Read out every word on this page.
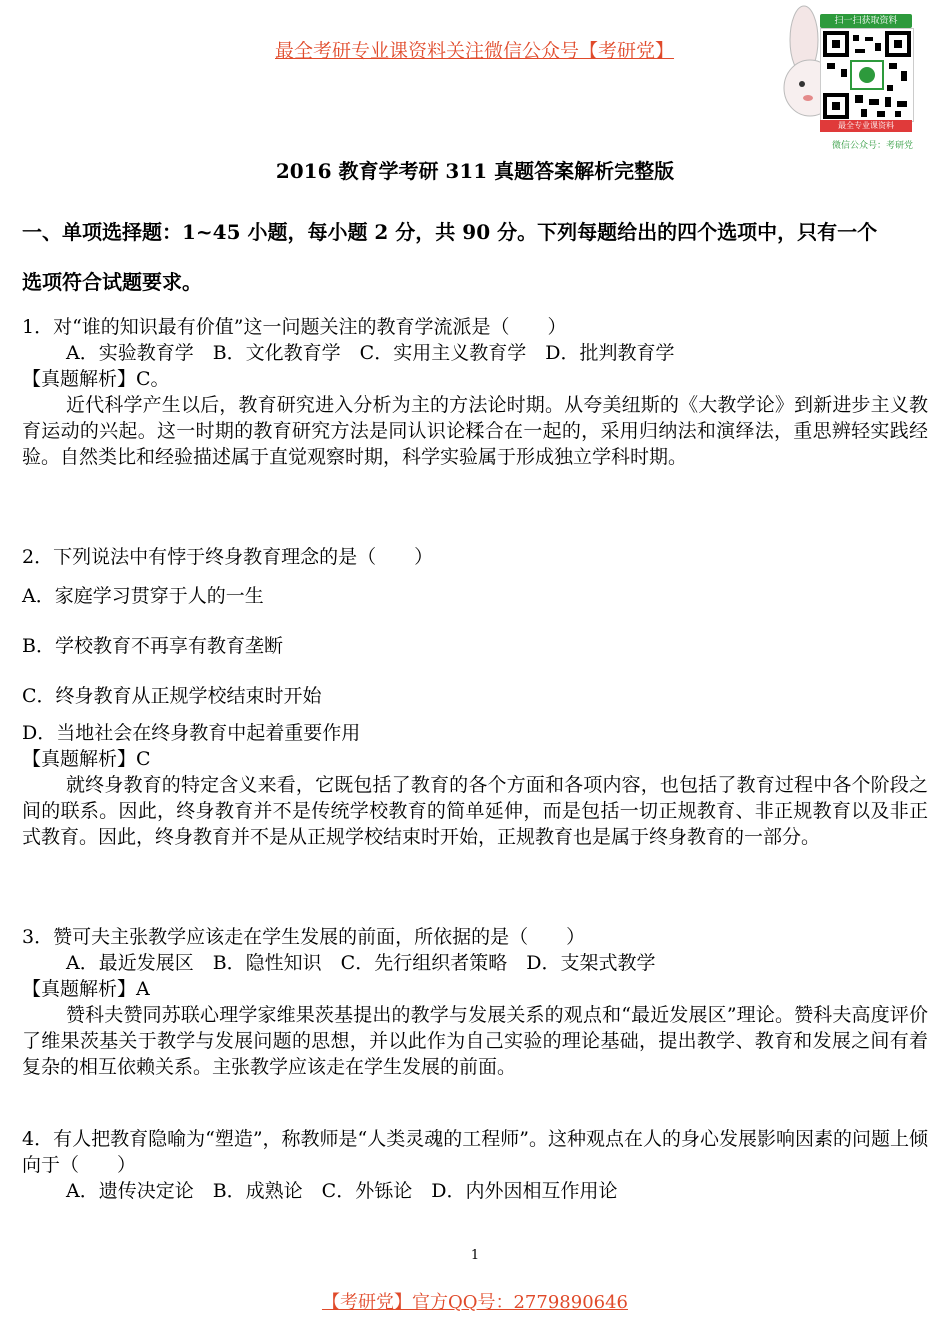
最全考研专业课资料关注微信公众号【考研党】
扫一扫获取资料
最全专业课资料
微信公众号：考研党
2016 教育学考研 311 真题答案解析完整版
一、单项选择题：1~45 小题，每小题 2 分，共 90 分。下列每题给出的四个选项中，只有一个
选项符合试题要求。
1．对“谁的知识最有价值”这一问题关注的教育学流派是（　　）
A．实验教育学　B．文化教育学　C．实用主义教育学　D．批判教育学
【真题解析】C。
近代科学产生以后，教育研究进入分析为主的方法论时期。从夸美纽斯的《大教学论》到新进步主义教育运动的兴起。这一时期的教育研究方法是同认识论糅合在一起的，采用归纳法和演绎法，重思辨轻实践经验。自然类比和经验描述属于直觉观察时期，科学实验属于形成独立学科时期。
2．下列说法中有悖于终身教育理念的是（　　）
A．家庭学习贯穿于人的一生
B．学校教育不再享有教育垄断
C．终身教育从正规学校结束时开始
D．当地社会在终身教育中起着重要作用
【真题解析】C
就终身教育的特定含义来看，它既包括了教育的各个方面和各项内容，也包括了教育过程中各个阶段之间的联系。因此，终身教育并不是传统学校教育的简单延伸，而是包括一切正规教育、非正规教育以及非正式教育。因此，终身教育并不是从正规学校结束时开始，正规教育也是属于终身教育的一部分。
3．赞可夫主张教学应该走在学生发展的前面，所依据的是（　　）
A．最近发展区　B．隐性知识　C．先行组织者策略　D．支架式教学
【真题解析】A
赞科夫赞同苏联心理学家维果茨基提出的教学与发展关系的观点和“最近发展区”理论。赞科夫高度评价了维果茨基关于教学与发展问题的思想，并以此作为自己实验的理论基础，提出教学、教育和发展之间有着复杂的相互依赖关系。主张教学应该走在学生发展的前面。
4．有人把教育隐喻为“塑造”，称教师是“人类灵魂的工程师”。这种观点在人的身心发展影响因素的问题上倾向于（　　）
A．遗传决定论　B．成熟论　C．外铄论　D．内外因相互作用论
1
【考研党】官方QQ号：2779890646
